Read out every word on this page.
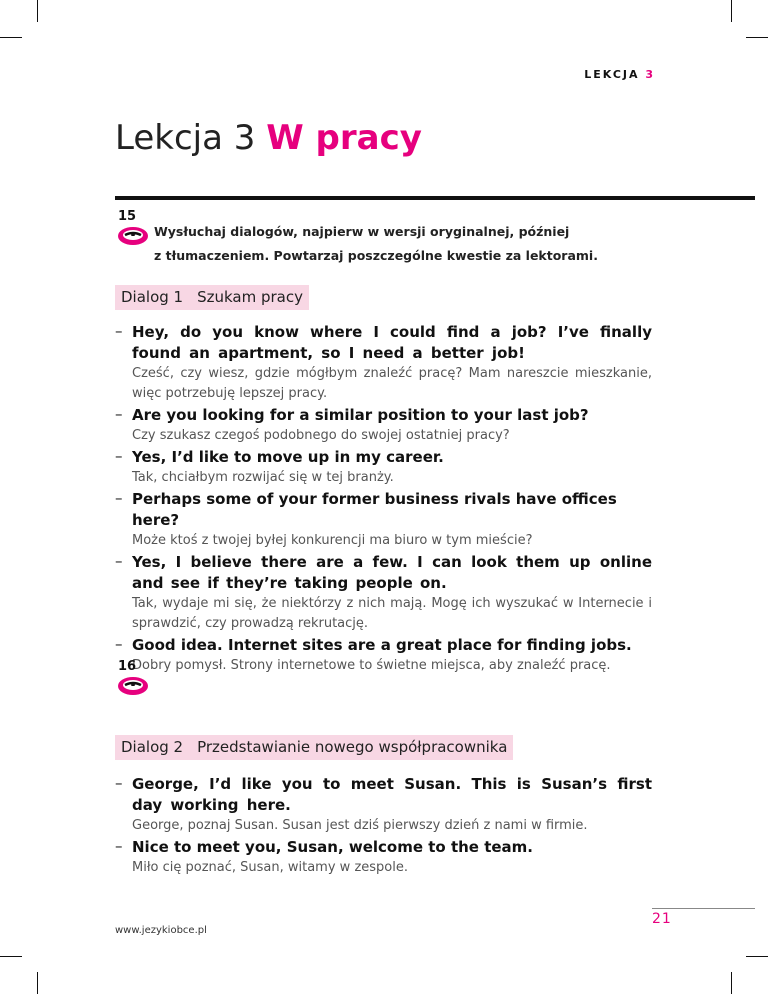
LEKCJA 3
Lekcja 3 W pracy
15
Wysłuchaj dialogów, najpierw w wersji oryginalnej, później
z tłumaczeniem. Powtarzaj poszczególne kwestie za lektorami.
Dialog 1 Szukam pracy
– Hey, do you know where I could find a job? I’ve finally found an apartment, so I need a better job!
Cześć, czy wiesz, gdzie mógłbym znaleźć pracę? Mam nareszcie mieszkanie, więc potrzebuję lepszej pracy.
– Are you looking for a similar position to your last job?
Czy szukasz czegoś podobnego do swojej ostatniej pracy?
– Yes, I’d like to move up in my career.
Tak, chciałbym rozwijać się w tej branży.
– Perhaps some of your former business rivals have offices here?
Może ktoś z twojej byłej konkurencji ma biuro w tym mieście?
– Yes, I believe there are a few. I can look them up online and see if they’re taking people on.
Tak, wydaje mi się, że niektórzy z nich mają. Mogę ich wyszukać w Internecie i sprawdzić, czy prowadzą rekrutację.
– Good idea. Internet sites are a great place for finding jobs.
Dobry pomysł. Strony internetowe to świetne miejsca, aby znaleźć pracę.
16
Dialog 2 Przedstawianie nowego współpracownika
– George, I’d like you to meet Susan. This is Susan’s first day working here.
George, poznaj Susan. Susan jest dziś pierwszy dzień z nami w firmie.
– Nice to meet you, Susan, welcome to the team.
Miło cię poznać, Susan, witamy w zespole.
www.jezykiobce.pl
21
